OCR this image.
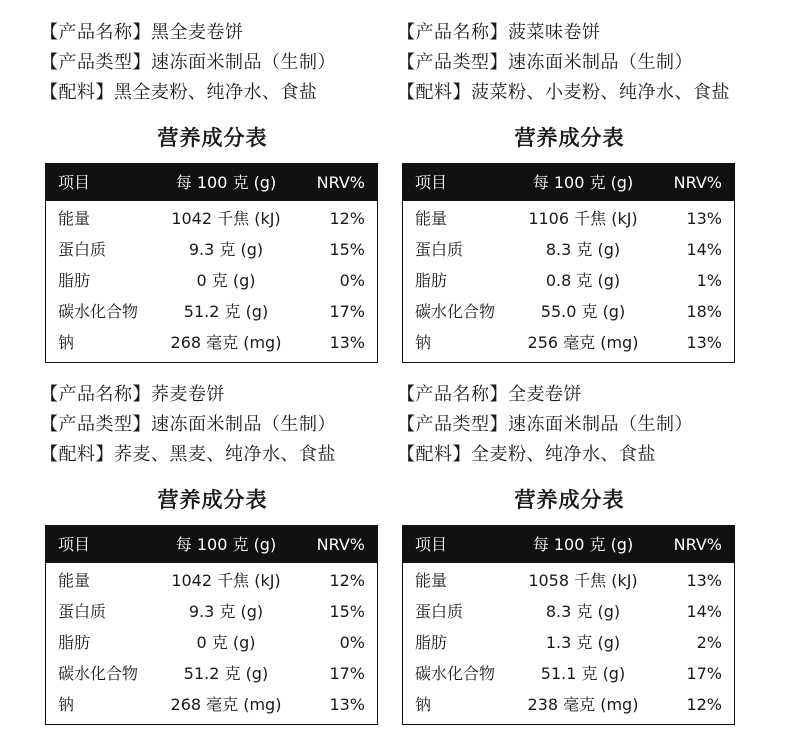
【产品名称】黑全麦卷饼
【产品类型】速冻面米制品（生制）
【配料】黑全麦粉、纯净水、食盐
营养成分表
项目	每 100 克 (g)	NRV%
能量	1042 千焦 (kJ)	12%
蛋白质	9.3 克 (g)	15%
脂肪	0 克 (g)	0%
碳水化合物	51.2 克 (g)	17%
钠	268 毫克 (mg)	13%
【产品名称】菠菜味卷饼
【产品类型】速冻面米制品（生制）
【配料】菠菜粉、小麦粉、纯净水、食盐
营养成分表
项目	每 100 克 (g)	NRV%
能量	1106 千焦 (kJ)	13%
蛋白质	8.3 克 (g)	14%
脂肪	0.8 克 (g)	1%
碳水化合物	55.0 克 (g)	18%
钠	256 毫克 (mg)	13%
【产品名称】荞麦卷饼
【产品类型】速冻面米制品（生制）
【配料】荞麦、黑麦、纯净水、食盐
营养成分表
项目	每 100 克 (g)	NRV%
能量	1042 千焦 (kJ)	12%
蛋白质	9.3 克 (g)	15%
脂肪	0 克 (g)	0%
碳水化合物	51.2 克 (g)	17%
钠	268 毫克 (mg)	13%
【产品名称】全麦卷饼
【产品类型】速冻面米制品（生制）
【配料】全麦粉、纯净水、食盐
营养成分表
项目	每 100 克 (g)	NRV%
能量	1058 千焦 (kJ)	13%
蛋白质	8.3 克 (g)	14%
脂肪	1.3 克 (g)	2%
碳水化合物	51.1 克 (g)	17%
钠	238 毫克 (mg)	12%
